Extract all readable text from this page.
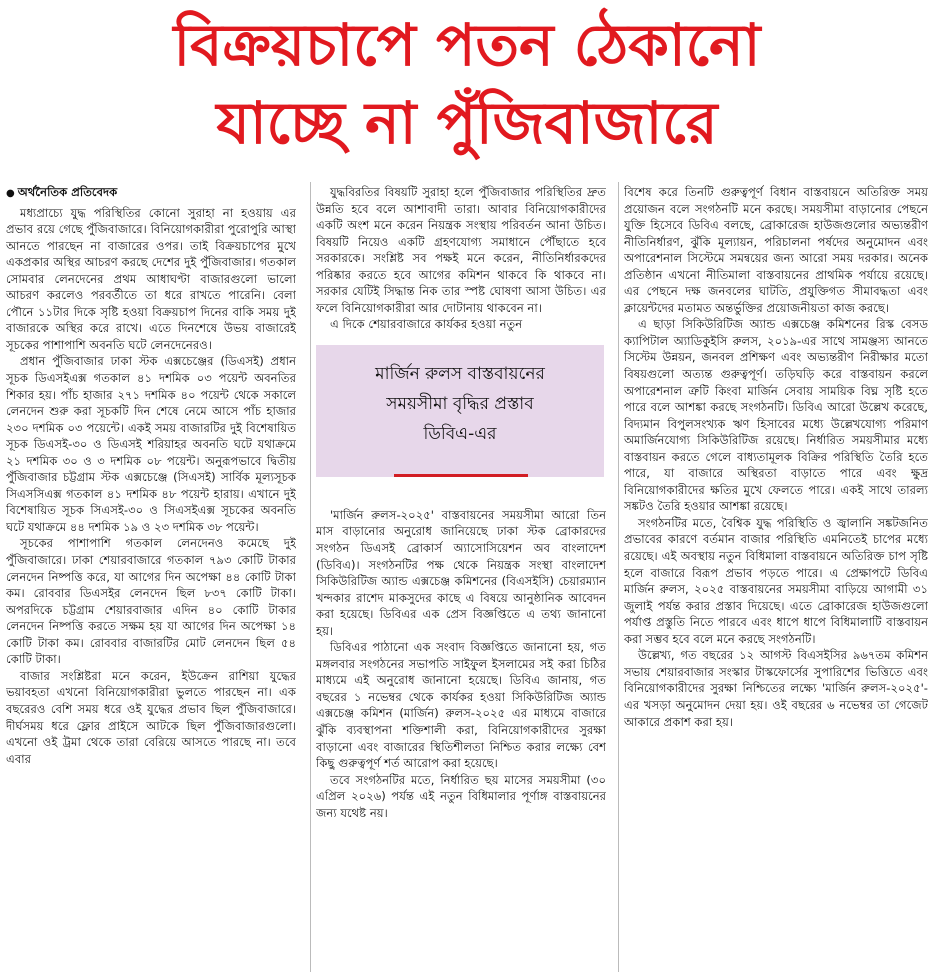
বিক্রয়চাপে পতন ঠেকানো
যাচ্ছে না পুঁজিবাজারে
● অর্থনৈতিক প্রতিবেদক

মধ্যপ্রাচ্যে যুদ্ধ পরিস্থিতির কোনো সুরাহা না হওয়ায় এর প্রভাব রয়ে গেছে পুঁজিবাজারে। বিনিয়োগকারীরা পুরোপুরি আস্থা আনতে পারছেন না বাজারের ওপর। তাই বিক্রয়চাপের মুখে একপ্রকার অস্থির আচরণ করছে দেশের দুই পুঁজিবাজার। গতকাল সোমবার লেনদেনের প্রথম আধাঘণ্টা বাজারগুলো ভালো আচরণ করলেও পরবর্তীতে তা ধরে রাখতে পারেনি। বেলা পৌনে ১১টার দিকে সৃষ্টি হওয়া বিক্রয়চাপ দিনের বাকি সময় দুই বাজারকে অস্থির করে রাখে। এতে দিনশেষে উভয় বাজারেই সূচকের পাশাপাশি অবনতি ঘটে লেনদেনেরও।

প্রধান পুঁজিবাজার ঢাকা স্টক এক্সচেঞ্জের (ডিএসই) প্রধান সূচক ডিএসইএক্স গতকাল ৪১ দশমিক ০৩ পয়েন্ট অবনতির শিকার হয়। পাঁচ হাজার ২৭১ দশমিক ৪০ পয়েন্ট থেকে সকালে লেনদেন শুরু করা সূচকটি দিন শেষে নেমে আসে পাঁচ হাজার ২৩০ দশমিক ০৩ পয়েন্টে। একই সময় বাজারটির দুই বিশেষায়িত সূচক ডিএসই-৩০ ও ডিএসই শরিয়াহর অবনতি ঘটে যথাক্রমে ২১ দশমিক ৩০ ও ৩ দশমিক ০৮ পয়েন্ট। অনুরূপভাবে দ্বিতীয় পুঁজিবাজার চট্টগ্রাম স্টক এক্সচেঞ্জে (সিএসই) সার্বিক মূল্যসূচক সিএসসিএক্স গতকাল ৪১ দশমিক ৪৮ পয়েন্ট হারায়। এখানে দুই বিশেষায়িত সূচক সিএসই-৩০ ও সিএসইএক্স সূচকের অবনতি ঘটে যথাক্রমে ৪৪ দশমিক ১৯ ও ২৩ দশমিক ৩৮ পয়েন্ট।

সূচকের পাশাপাশি গতকাল লেনদেনও কমেছে দুই পুঁজিবাজারে। ঢাকা শেয়ারবাজারে গতকাল ৭৯৩ কোটি টাকার লেনদেন নিষ্পত্তি করে, যা আগের দিন অপেক্ষা ৪৪ কোটি টাকা কম। রোববার ডিএসইর লেনদেন ছিল ৮৩৭ কোটি টাকা। অপরদিকে চট্টগ্রাম শেয়ারবাজার এদিন ৪০ কোটি টাকার লেনদেন নিষ্পত্তি করতে সক্ষম হয় যা আগের দিন অপেক্ষা ১৪ কোটি টাকা কম। রোববার বাজারটির মোট লেনদেন ছিল ৫৪ কোটি টাকা।

বাজার সংশ্লিষ্টরা মনে করেন, ইউক্রেন রাশিয়া যুদ্ধের ভয়াবহতা এখনো বিনিয়োগকারীরা ভুলতে পারছেন না। এক বছরেরও বেশি সময় ধরে ওই যুদ্ধের প্রভাব ছিল পুঁজিবাজারে। দীর্ঘসময় ধরে ফ্লোর প্রাইসে আটকে ছিল পুঁজিবাজারগুলো। এখনো ওই ট্রমা থেকে তারা বেরিয়ে আসতে পারছে না। তবে এবার

যুদ্ধবিরতির বিষয়টি সুরাহা হলে পুঁজিবাজার পরিস্থিতির দ্রুত উন্নতি হবে বলে আশাবাদী তারা। আবার বিনিয়োগকারীদের একটি অংশ মনে করেন নিয়ন্ত্রক সংস্থায় পরিবর্তন আনা উচিত। বিষয়টি নিয়েও একটি গ্রহণযোগ্য সমাধানে পৌঁছাতে হবে সরকারকে। সংশ্লিষ্ট সব পক্ষই মনে করেন, নীতিনির্ধারকদের পরিষ্কার করতে হবে আগের কমিশন থাকবে কি থাকবে না। সরকার যেটিই সিদ্ধান্ত নিক তার স্পষ্ট ঘোষণা আসা উচিত। এর ফলে বিনিয়োগকারীরা আর দোটানায় থাকবেন না।

এ দিকে শেয়ারবাজারে কার্যকর হওয়া নতুন

মার্জিন রুলস বাস্তবায়নের
সময়সীমা বৃদ্ধির প্রস্তাব
ডিবিএ-এর

'মার্জিন রুলস-২০২৫' বাস্তবায়নের সময়সীমা আরো তিন মাস বাড়ানোর অনুরোধ জানিয়েছে ঢাকা স্টক ব্রোকারদের সংগঠন ডিএসই ব্রোকার্স অ্যাসোসিয়েশন অব বাংলাদেশ (ডিবিএ)। সংগঠনটির পক্ষ থেকে নিয়ন্ত্রক সংস্থা বাংলাদেশ সিকিউরিটিজ অ্যান্ড এক্সচেঞ্জ কমিশনের (বিএসইসি) চেয়ারম্যান খন্দকার রাশেদ মাকসুদের কাছে এ বিষয়ে আনুষ্ঠানিক আবেদন করা হয়েছে। ডিবিএর এক প্রেস বিজ্ঞপ্তিতে এ তথ্য জানানো হয়।

ডিবিএর পাঠানো এক সংবাদ বিজ্ঞপ্তিতে জানানো হয়, গত মঙ্গলবার সংগঠনের সভাপতি সাইফুল ইসলামের সই করা চিঠির মাধ্যমে এই অনুরোধ জানানো হয়েছে। ডিবিএ জানায়, গত বছরের ১ নভেম্বর থেকে কার্যকর হওয়া সিকিউরিটিজ অ্যান্ড এক্সচেঞ্জ কমিশন (মার্জিন) রুলস-২০২৫ এর মাধ্যমে বাজারে ঝুঁকি ব্যবস্থাপনা শক্তিশালী করা, বিনিয়োগকারীদের সুরক্ষা বাড়ানো এবং বাজারের স্থিতিশীলতা নিশ্চিত করার লক্ষ্যে বেশ কিছু গুরুত্বপূর্ণ শর্ত আরোপ করা হয়েছে।

তবে সংগঠনটির মতে, নির্ধারিত ছয় মাসের সময়সীমা (৩০ এপ্রিল ২০২৬) পর্যন্ত এই নতুন বিধিমালার পূর্ণাঙ্গ বাস্তবায়নের জন্য যথেষ্ট নয়।

বিশেষ করে তিনটি গুরুত্বপূর্ণ বিধান বাস্তবায়নে অতিরিক্ত সময় প্রয়োজন বলে সংগঠনটি মনে করছে। সময়সীমা বাড়ানোর পেছনে যুক্তি হিসেবে ডিবিএ বলছে, ব্রোকারেজ হাউজগুলোর অভ্যন্তরীণ নীতিনির্ধারণ, ঝুঁকি মূল্যায়ন, পরিচালনা পর্ষদের অনুমোদন এবং অপারেশনাল সিস্টেমে সমন্বয়ের জন্য আরো সময় দরকার। অনেক প্রতিষ্ঠান এখনো নীতিমালা বাস্তবায়নের প্রাথমিক পর্যায়ে রয়েছে। এর পেছনে দক্ষ জনবলের ঘাটতি, প্রযুক্তিগত সীমাবদ্ধতা এবং ক্লায়েন্টদের মতামত অন্তর্ভুক্তির প্রয়োজনীয়তা কাজ করছে।

এ ছাড়া সিকিউরিটিজ অ্যান্ড এক্সচেঞ্জ কমিশনের রিস্ক বেসড ক্যাপিটাল অ্যাডিকুইসি রুলস, ২০১৯-এর সাথে সামঞ্জস্য আনতে সিস্টেম উন্নয়ন, জনবল প্রশিক্ষণ এবং অভ্যন্তরীণ নিরীক্ষার মতো বিষয়গুলো অত্যন্ত গুরুত্বপূর্ণ। তড়িঘড়ি করে বাস্তবায়ন করলে অপারেশনাল ত্রুটি কিংবা মার্জিন সেবায় সাময়িক বিঘ্ন সৃষ্টি হতে পারে বলে আশঙ্কা করছে সংগঠনটি। ডিবিএ আরো উল্লেখ করেছে, বিদ্যমান বিপুলসংখ্যক ঋণ হিসাবের মধ্যে উল্লেখযোগ্য পরিমাণ অমার্জিনযোগ্য সিকিউরিটিজ রয়েছে। নির্ধারিত সময়সীমার মধ্যে বাস্তবায়ন করতে গেলে বাধ্যতামূলক বিক্রির পরিস্থিতি তৈরি হতে পারে, যা বাজারে অস্থিরতা বাড়াতে পারে এবং ক্ষুদ্র বিনিয়োগকারীদের ক্ষতির মুখে ফেলতে পারে। একই সাথে তারল্য সঙ্কটও তৈরি হওয়ার আশঙ্কা রয়েছে।

সংগঠনটির মতে, বৈশ্বিক যুদ্ধ পরিস্থিতি ও জ্বালানি সঙ্কটজনিত প্রভাবের কারণে বর্তমান বাজার পরিস্থিতি এমনিতেই চাপের মধ্যে রয়েছে। এই অবস্থায় নতুন বিধিমালা বাস্তবায়নে অতিরিক্ত চাপ সৃষ্টি হলে বাজারে বিরূপ প্রভাব পড়তে পারে। এ প্রেক্ষাপটে ডিবিএ মার্জিন রুলস, ২০২৫ বাস্তবায়নের সময়সীমা বাড়িয়ে আগামী ৩১ জুলাই পর্যন্ত করার প্রস্তাব দিয়েছে। এতে ব্রোকারেজ হাউজগুলো পর্যাপ্ত প্রস্তুতি নিতে পারবে এবং ধাপে ধাপে বিধিমালাটি বাস্তবায়ন করা সম্ভব হবে বলে মনে করছে সংগঠনটি।

উল্লেখ্য, গত বছরের ১২ আগস্ট বিএসইসির ৯৬৭তম কমিশন সভায় শেয়ারবাজার সংস্কার টাস্কফোর্সের সুপারিশের ভিত্তিতে এবং বিনিয়োগকারীদের সুরক্ষা নিশ্চিতের লক্ষ্যে 'মার্জিন রুলস-২০২৫'-এর খসড়া অনুমোদন দেয়া হয়। ওই বছরের ৬ নভেম্বর তা গেজেট আকারে প্রকাশ করা হয়।
